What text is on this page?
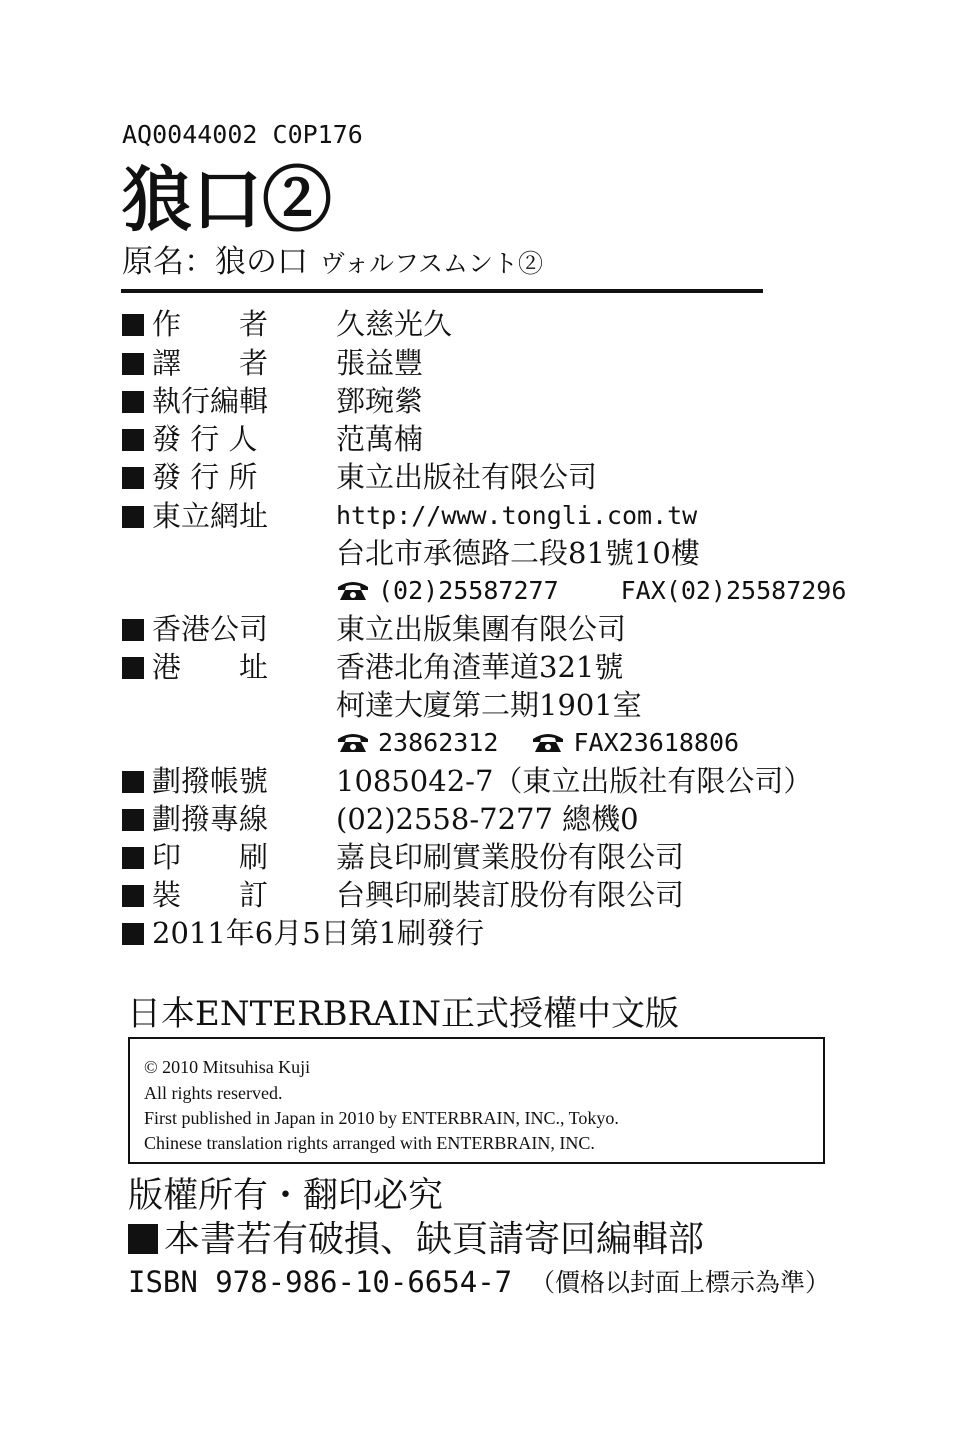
AQ0044002 C0P176
狼口②
原名：狼の口 ヴォルフスムント②
作　　者	久慈光久
譯　　者	張益豐
執行編輯	鄧琬縈
發 行 人	范萬楠
發 行 所	東立出版社有限公司
東立網址	http://www.tongli.com.tw
台北市承德路二段81號10樓
(02)25587277 FAX(02)25587296
香港公司	東立出版集團有限公司
港　　址	香港北角渣華道321號
柯達大廈第二期1901室
23862312	FAX23618806
劃撥帳號	1085042-7（東立出版社有限公司）
劃撥專線	(02)2558-7277 總機0
印　　刷	嘉良印刷實業股份有限公司
裝　　訂	台興印刷裝訂股份有限公司
2011年6月5日第1刷發行
日本ENTERBRAIN正式授權中文版
© 2010 Mitsuhisa Kuji
All rights reserved.
First published in Japan in 2010 by ENTERBRAIN, INC., Tokyo.
Chinese translation rights arranged with ENTERBRAIN, INC.
版權所有・翻印必究
本書若有破損、缺頁請寄回編輯部
ISBN 978-986-10-6654-7 （價格以封面上標示為準）
